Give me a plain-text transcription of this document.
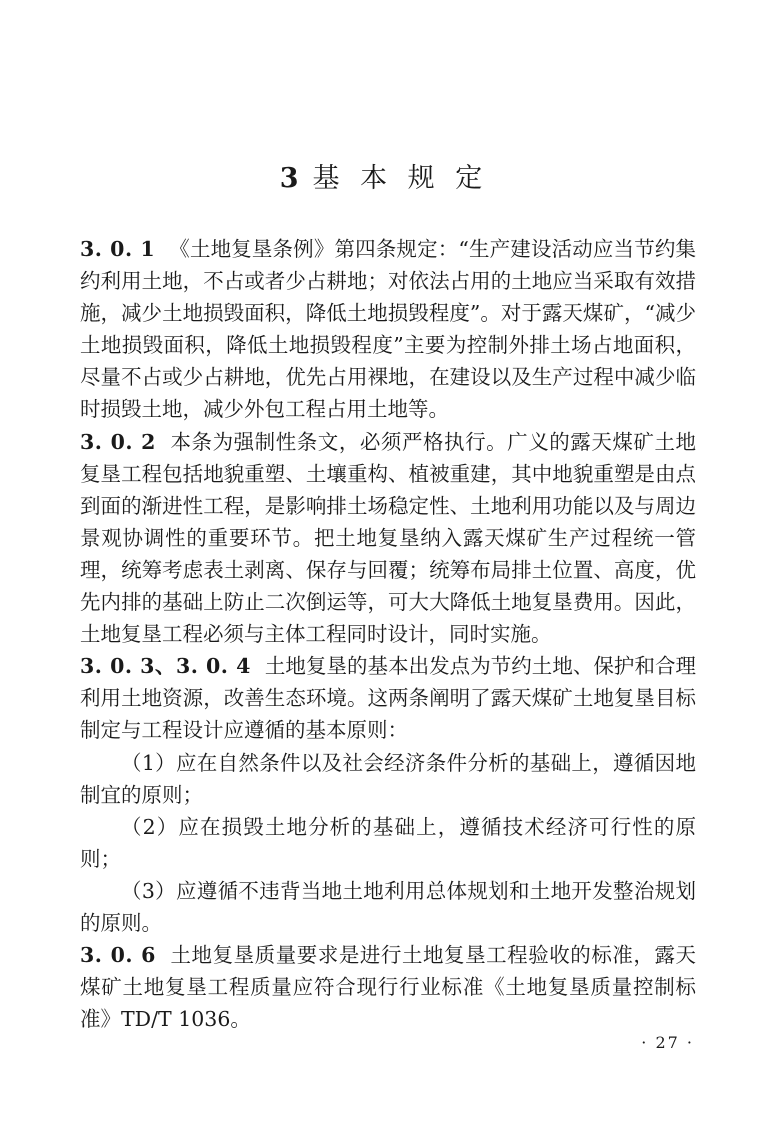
3 基 本 规 定

3. 0. 1 《土地复垦条例》第四条规定：“生产建设活动应当节约集约利用土地，不占或者少占耕地；对依法占用的土地应当采取有效措施，减少土地损毁面积，降低土地损毁程度”。对于露天煤矿，“减少土地损毁面积，降低土地损毁程度”主要为控制外排土场占地面积，尽量不占或少占耕地，优先占用裸地，在建设以及生产过程中减少临时损毁土地，减少外包工程占用土地等。

3. 0. 2 本条为强制性条文，必须严格执行。广义的露天煤矿土地复垦工程包括地貌重塑、土壤重构、植被重建，其中地貌重塑是由点到面的渐进性工程，是影响排土场稳定性、土地利用功能以及与周边景观协调性的重要环节。把土地复垦纳入露天煤矿生产过程统一管理，统筹考虑表土剥离、保存与回覆；统筹布局排土位置、高度，优先内排的基础上防止二次倒运等，可大大降低土地复垦费用。因此，土地复垦工程必须与主体工程同时设计，同时实施。

3. 0. 3、3. 0. 4 土地复垦的基本出发点为节约土地、保护和合理利用土地资源，改善生态环境。这两条阐明了露天煤矿土地复垦目标制定与工程设计应遵循的基本原则：

（1）应在自然条件以及社会经济条件分析的基础上，遵循因地制宜的原则；

（2）应在损毁土地分析的基础上，遵循技术经济可行性的原则；

（3）应遵循不违背当地土地利用总体规划和土地开发整治规划的原则。

3. 0. 6 土地复垦质量要求是进行土地复垦工程验收的标准，露天煤矿土地复垦工程质量应符合现行行业标准《土地复垦质量控制标准》TD/T 1036。

· 27 ·
